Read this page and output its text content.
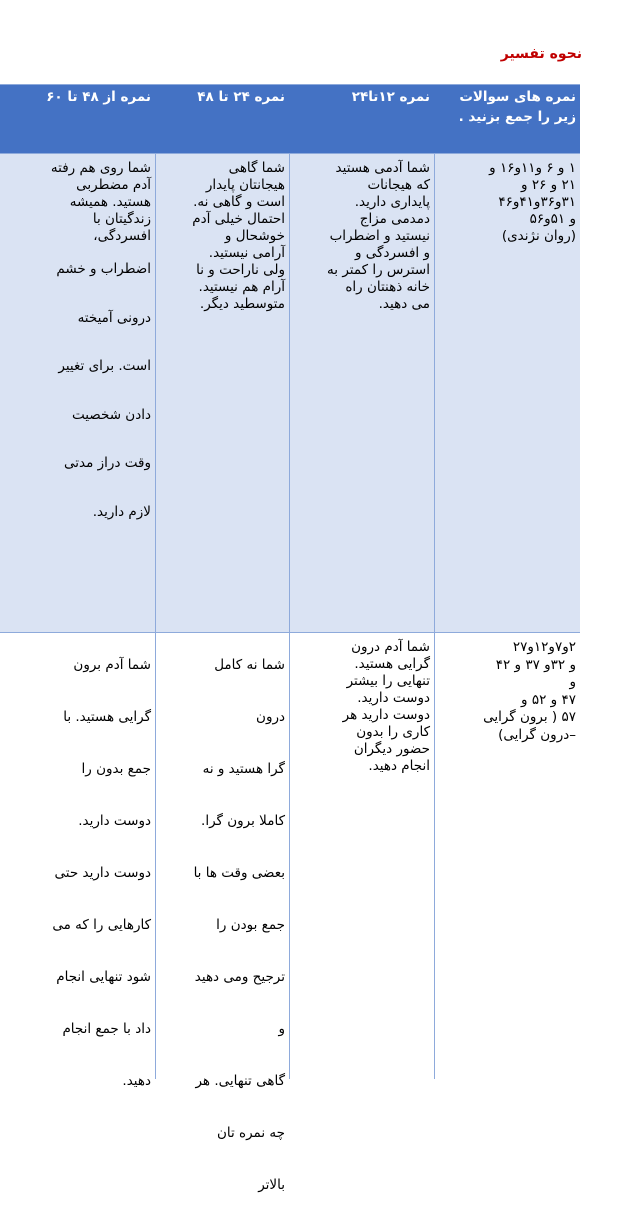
نحوه تفسیر
نمره های سوالات
زیر را جمع بزنید .
نمره ۱۲تا۲۴
نمره ۲۴ تا ۴۸
نمره از ۴۸ تا ۶۰
۱ و ۶ و۱۱و۱۶ و
۲۱ و ۲۶ و
۳۱و۳۶و۴۱و۴۶
و ۵۱و۵۶
(روان نژندی)
شما آدمی هستید
که هیجانات
پایداری دارید.
دمدمی مزاج
نیستید و اضطراب
و افسردگی و
استرس را کمتر به
خانه ذهنتان راه
می دهید.
شما گاهی
هیجانتان پایدار
است و گاهی نه.
احتمال خیلی آدم
خوشحال و
آرامی نیستید.
ولی ناراحت و نا
آرام هم نیستید.
متوسطید دیگر.
شما روی هم رفته
آدم مضطربی
هستید. همیشه
زندگیتان با
افسردگی،
اضطراب و خشم
درونی آمیخته
است. برای تغییر
دادن شخصیت
وقت دراز مدتی
لازم دارید.
۲و۷و۱۲و۲۷
و ۳۲و ۳۷ و ۴۲
و
۴۷ و ۵۲ و
۵۷ ( برون گرایی
–درون گرایی)
شما آدم درون
گرایی هستید.
تنهایی را بیشتر
دوست دارید.
دوست دارید هر
کاری را بدون
حضور دیگران
انجام دهید.
شما نه کامل
درون
گرا هستید و نه
کاملا برون گرا.
بعضی وقت ها با
جمع بودن را
ترجیح ومی دهید
و
گاهی تنهایی. هر
چه نمره تان
بالاتر
شما آدم برون
گرایی هستید. با
جمع بدون را
دوست دارید.
دوست دارید حتی
کارهایی را که می
شود تنهایی انجام
داد با جمع انجام
دهید.
